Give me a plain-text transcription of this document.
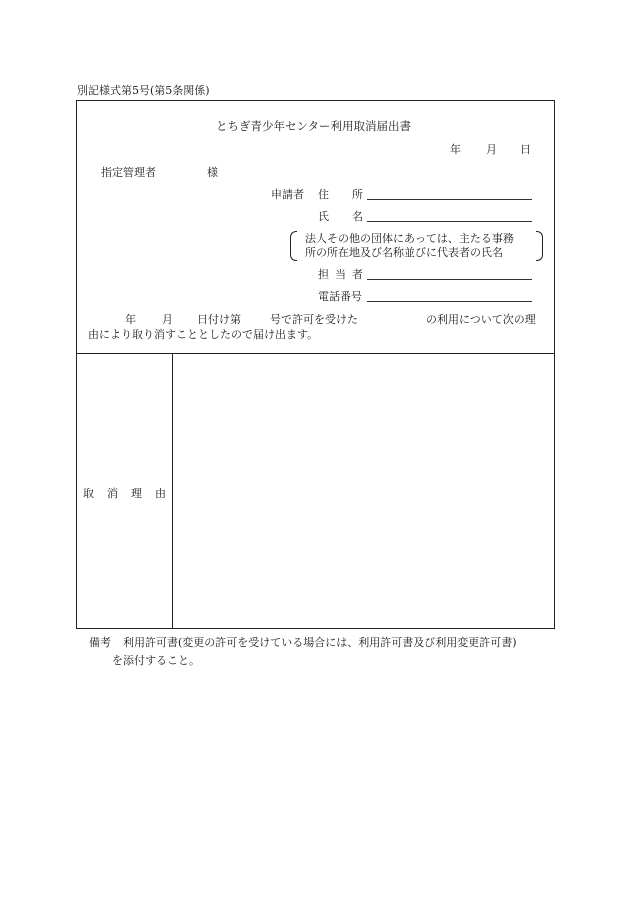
別記様式第5号(第5条関係)
とちぎ青少年センター利用取消届出書
年 月 日
指定管理者	様
申請者 住 所
氏 名
法人その他の団体にあっては、主たる事務
所の所在地及び名称並びに代表者の氏名
担 当 者
電話番号
年 月 日付け第	号で許可を受けた	の利用について次の理
由により取り消すこととしたので届け出ます。
取 消 理 由
備考 利用許可書(変更の許可を受けている場合には、利用許可書及び利用変更許可書)
を添付すること。
